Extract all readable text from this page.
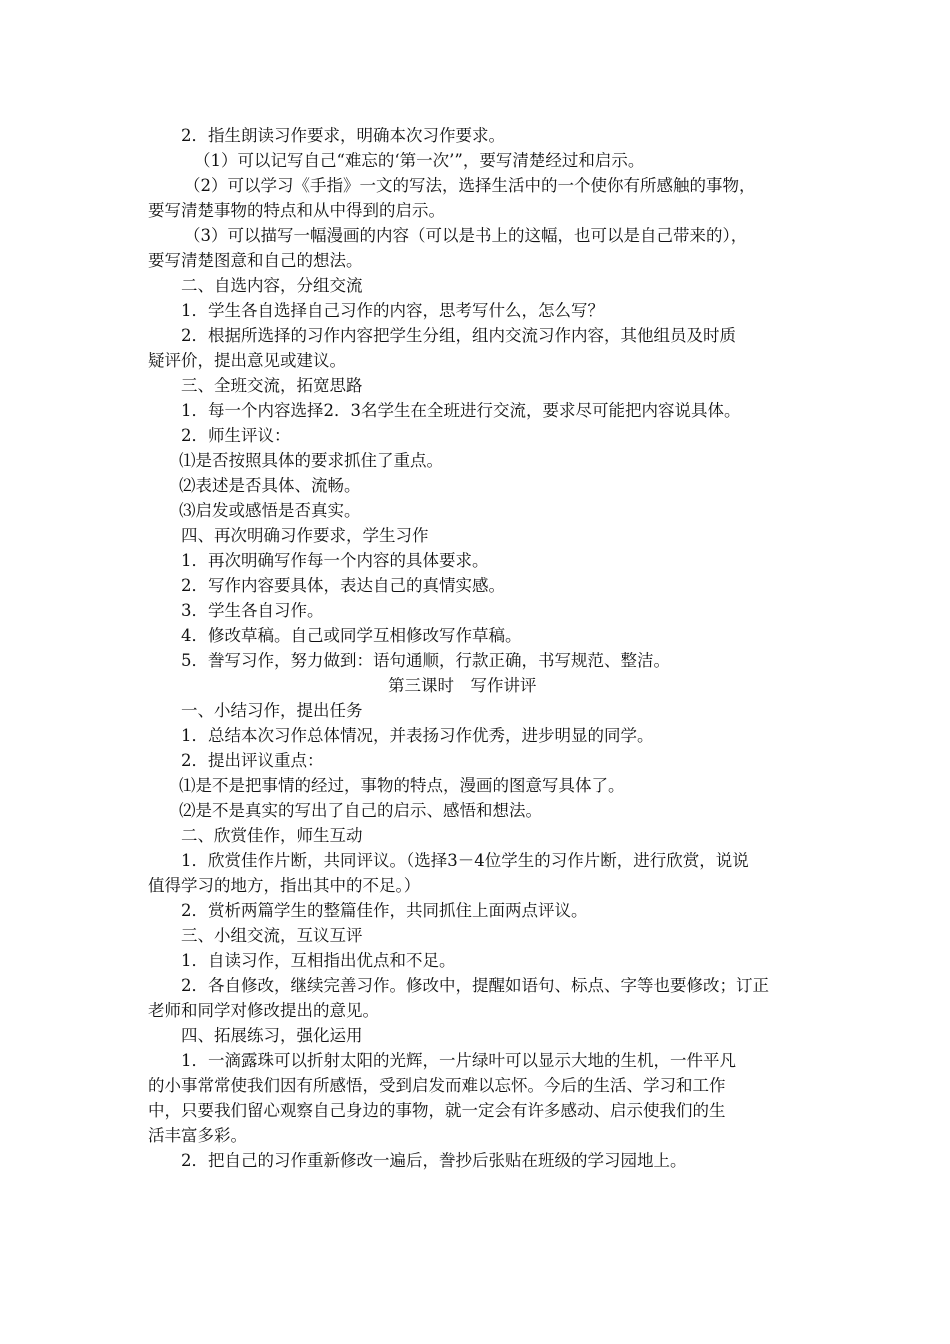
2．指生朗读习作要求，明确本次习作要求。
（1）可以记写自己“难忘的‘第一次’”，要写清楚经过和启示。
（2）可以学习《手指》一文的写法，选择生活中的一个使你有所感触的事物，
要写清楚事物的特点和从中得到的启示。
（3）可以描写一幅漫画的内容（可以是书上的这幅，也可以是自己带来的），
要写清楚图意和自己的想法。
二、自选内容，分组交流
1．学生各自选择自己习作的内容，思考写什么，怎么写？
2．根据所选择的习作内容把学生分组，组内交流习作内容，其他组员及时质
疑评价，提出意见或建议。
三、全班交流，拓宽思路
1．每一个内容选择2．3名学生在全班进行交流，要求尽可能把内容说具体。
2．师生评议：
⑴是否按照具体的要求抓住了重点。
⑵表述是否具体、流畅。
⑶启发或感悟是否真实。
四、再次明确习作要求，学生习作
1．再次明确写作每一个内容的具体要求。
2．写作内容要具体，表达自己的真情实感。
3．学生各自习作。
4．修改草稿。自己或同学互相修改写作草稿。
5．誊写习作，努力做到：语句通顺，行款正确，书写规范、整洁。
第三课时　写作讲评
一、小结习作，提出任务
1．总结本次习作总体情况，并表扬习作优秀，进步明显的同学。
2．提出评议重点：
⑴是不是把事情的经过，事物的特点，漫画的图意写具体了。
⑵是不是真实的写出了自己的启示、感悟和想法。
二、欣赏佳作，师生互动
1．欣赏佳作片断，共同评议。（选择3－4位学生的习作片断，进行欣赏，说说
值得学习的地方，指出其中的不足。）
2．赏析两篇学生的整篇佳作，共同抓住上面两点评议。
三、小组交流，互议互评
1．自读习作，互相指出优点和不足。
2．各自修改，继续完善习作。修改中，提醒如语句、标点、字等也要修改；订正
老师和同学对修改提出的意见。
四、拓展练习，强化运用
1．一滴露珠可以折射太阳的光辉，一片绿叶可以显示大地的生机，一件平凡
的小事常常使我们因有所感悟，受到启发而难以忘怀。今后的生活、学习和工作
中，只要我们留心观察自己身边的事物，就一定会有许多感动、启示使我们的生
活丰富多彩。
2．把自己的习作重新修改一遍后，誊抄后张贴在班级的学习园地上。
